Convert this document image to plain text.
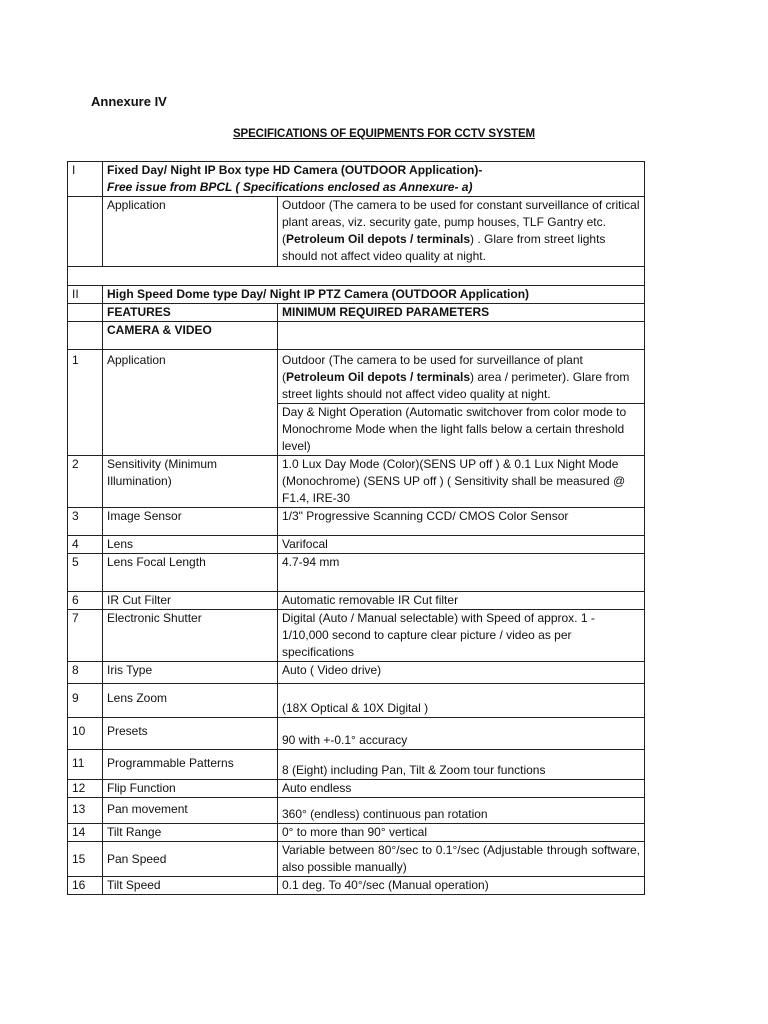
Annexure IV
SPECIFICATIONS OF EQUIPMENTS FOR CCTV SYSTEM
I	Fixed Day/ Night IP Box type HD Camera (OUTDOOR Application)-
Free issue from BPCL ( Specifications enclosed as Annexure- a)	

	Application	Outdoor (The camera to be used for constant surveillance of critical plant areas, viz. security gate, pump houses, TLF Gantry etc. (Petroleum Oil depots / terminals) . Glare from street lights should not affect video quality at night.

II	High Speed Dome type Day/ Night IP PTZ Camera (OUTDOOR Application)	
	FEATURES	MINIMUM REQUIRED PARAMETERS
	CAMERA & VIDEO	
1	Application	Outdoor (The camera to be used for surveillance of plant (Petroleum Oil depots / terminals) area / perimeter). Glare from street lights should not affect video quality at night.
		Day & Night Operation (Automatic switchover from color mode to Monochrome Mode when the light falls below a certain threshold level)
2	Sensitivity (Minimum Illumination)	1.0 Lux Day Mode (Color)(SENS UP off ) & 0.1 Lux Night Mode (Monochrome) (SENS UP off ) ( Sensitivity shall be measured @ F1.4, IRE-30
3	Image Sensor	1/3" Progressive Scanning CCD/ CMOS Color Sensor
4	Lens	Varifocal
5	Lens Focal Length	4.7-94 mm
6	IR Cut Filter	Automatic removable IR Cut filter
7	Electronic Shutter	Digital (Auto / Manual selectable) with Speed of approx. 1 - 1/10,000 second to capture clear picture / video as per specifications
8	Iris Type	Auto ( Video drive)
9	Lens Zoom	(18X Optical & 10X Digital )
10	Presets	90 with +-0.1° accuracy
11	Programmable Patterns	8 (Eight) including Pan, Tilt & Zoom tour functions
12	Flip Function	Auto endless
13	Pan movement	360° (endless) continuous pan rotation
14	Tilt Range	0° to more than 90° vertical
15	Pan Speed	Variable between 80°/sec to 0.1°/sec (Adjustable through software, also possible manually)
16	Tilt Speed	0.1 deg. To 40°/sec (Manual operation)
